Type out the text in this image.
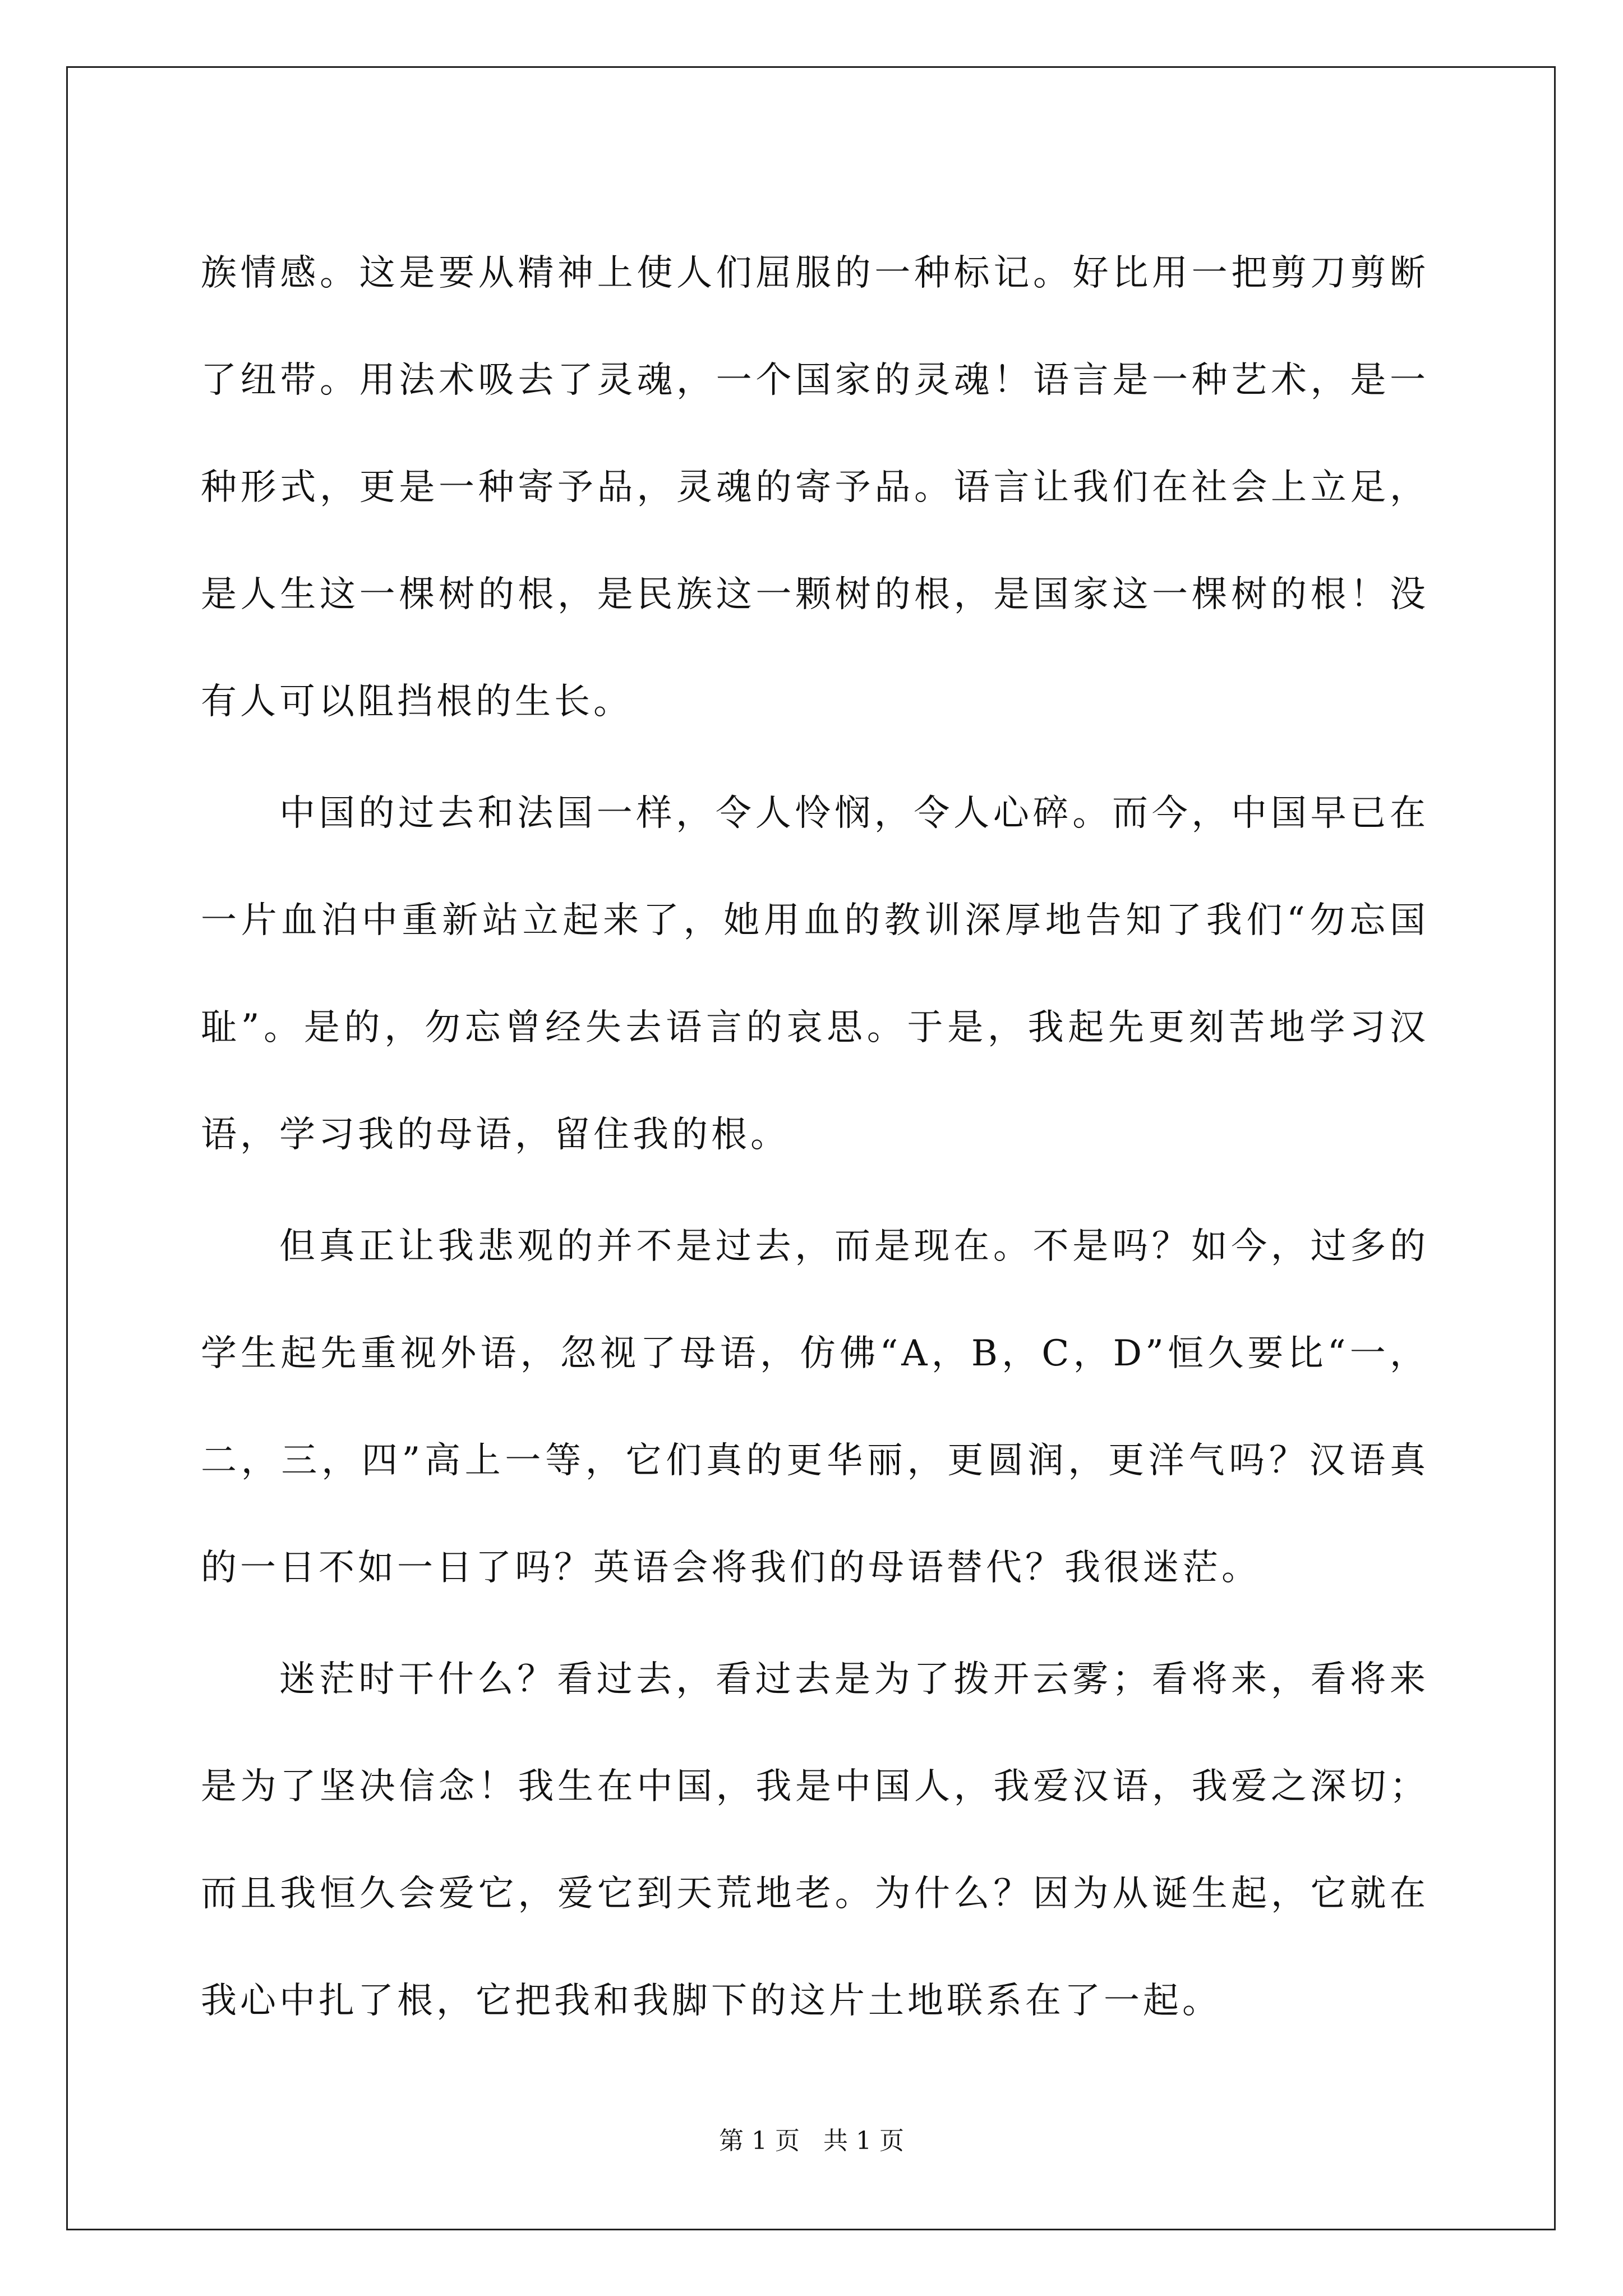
族情感。这是要从精神上使人们屈服的一种标记。好比用一把剪刀剪断了纽带。用法术吸去了灵魂，一个国家的灵魂！语言是一种艺术，是一种形式，更是一种寄予品，灵魂的寄予品。语言让我们在社会上立足，是人生这一棵树的根，是民族这一颗树的根，是国家这一棵树的根！没有人可以阻挡根的生长。

中国的过去和法国一样，令人怜悯，令人心碎。而今，中国早已在一片血泊中重新站立起来了，她用血的教训深厚地告知了我们“勿忘国耻”。是的，勿忘曾经失去语言的哀思。于是，我起先更刻苦地学习汉语，学习我的母语，留住我的根。

但真正让我悲观的并不是过去，而是现在。不是吗？如今，过多的学生起先重视外语，忽视了母语，仿佛“A，B，C，D”恒久要比“一，二，三，四”高上一等，它们真的更华丽，更圆润，更洋气吗？汉语真的一日不如一日了吗？英语会将我们的母语替代？我很迷茫。

迷茫时干什么？看过去，看过去是为了拨开云雾；看将来，看将来是为了坚决信念！我生在中国，我是中国人，我爱汉语，我爱之深切；而且我恒久会爱它，爱它到天荒地老。为什么？因为从诞生起，它就在我心中扎了根，它把我和我脚下的这片土地联系在了一起。

第 1 页   共 1 页
